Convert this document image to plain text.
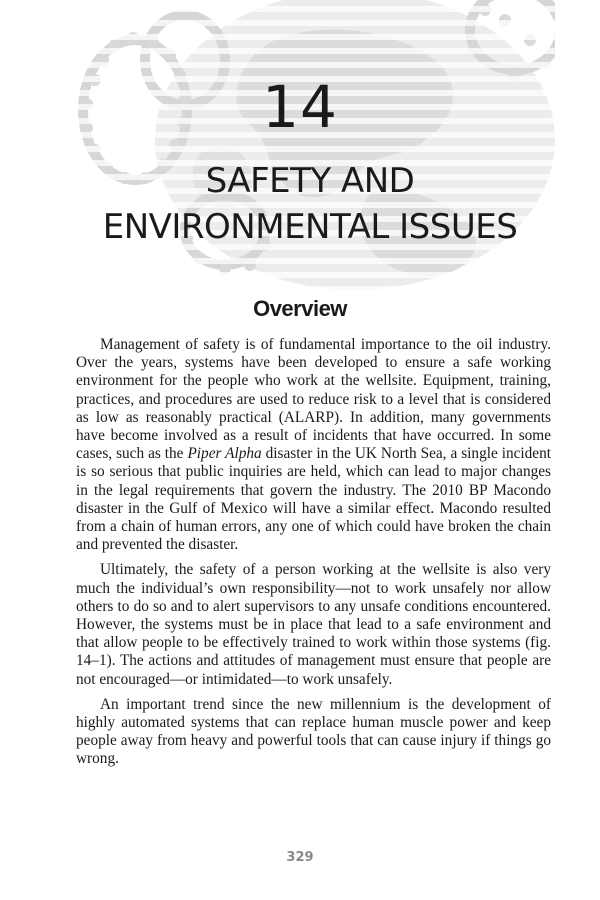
14
SAFETY AND ENVIRONMENTAL ISSUES
Overview

Management of safety is of fundamental importance to the oil industry. Over the years, systems have been developed to ensure a safe working environment for the people who work at the wellsite. Equipment, training, practices, and procedures are used to reduce risk to a level that is considered as low as reasonably practical (ALARP). In addition, many governments have become involved as a result of incidents that have occurred. In some cases, such as the Piper Alpha disaster in the UK North Sea, a single incident is so serious that public inquiries are held, which can lead to major changes in the legal requirements that govern the industry. The 2010 BP Macondo disaster in the Gulf of Mexico will have a similar effect. Macondo resulted from a chain of human errors, any one of which could have broken the chain and prevented the disaster.

Ultimately, the safety of a person working at the wellsite is also very much the individual’s own responsibility—not to work unsafely nor allow others to do so and to alert supervisors to any unsafe conditions encountered. However, the systems must be in place that lead to a safe environment and that allow people to be effectively trained to work within those systems (fig. 14–1). The actions and attitudes of management must ensure that people are not encouraged—or intimidated—to work unsafely.

An important trend since the new millennium is the development of highly automated systems that can replace human muscle power and keep people away from heavy and powerful tools that can cause injury if things go wrong.

329
